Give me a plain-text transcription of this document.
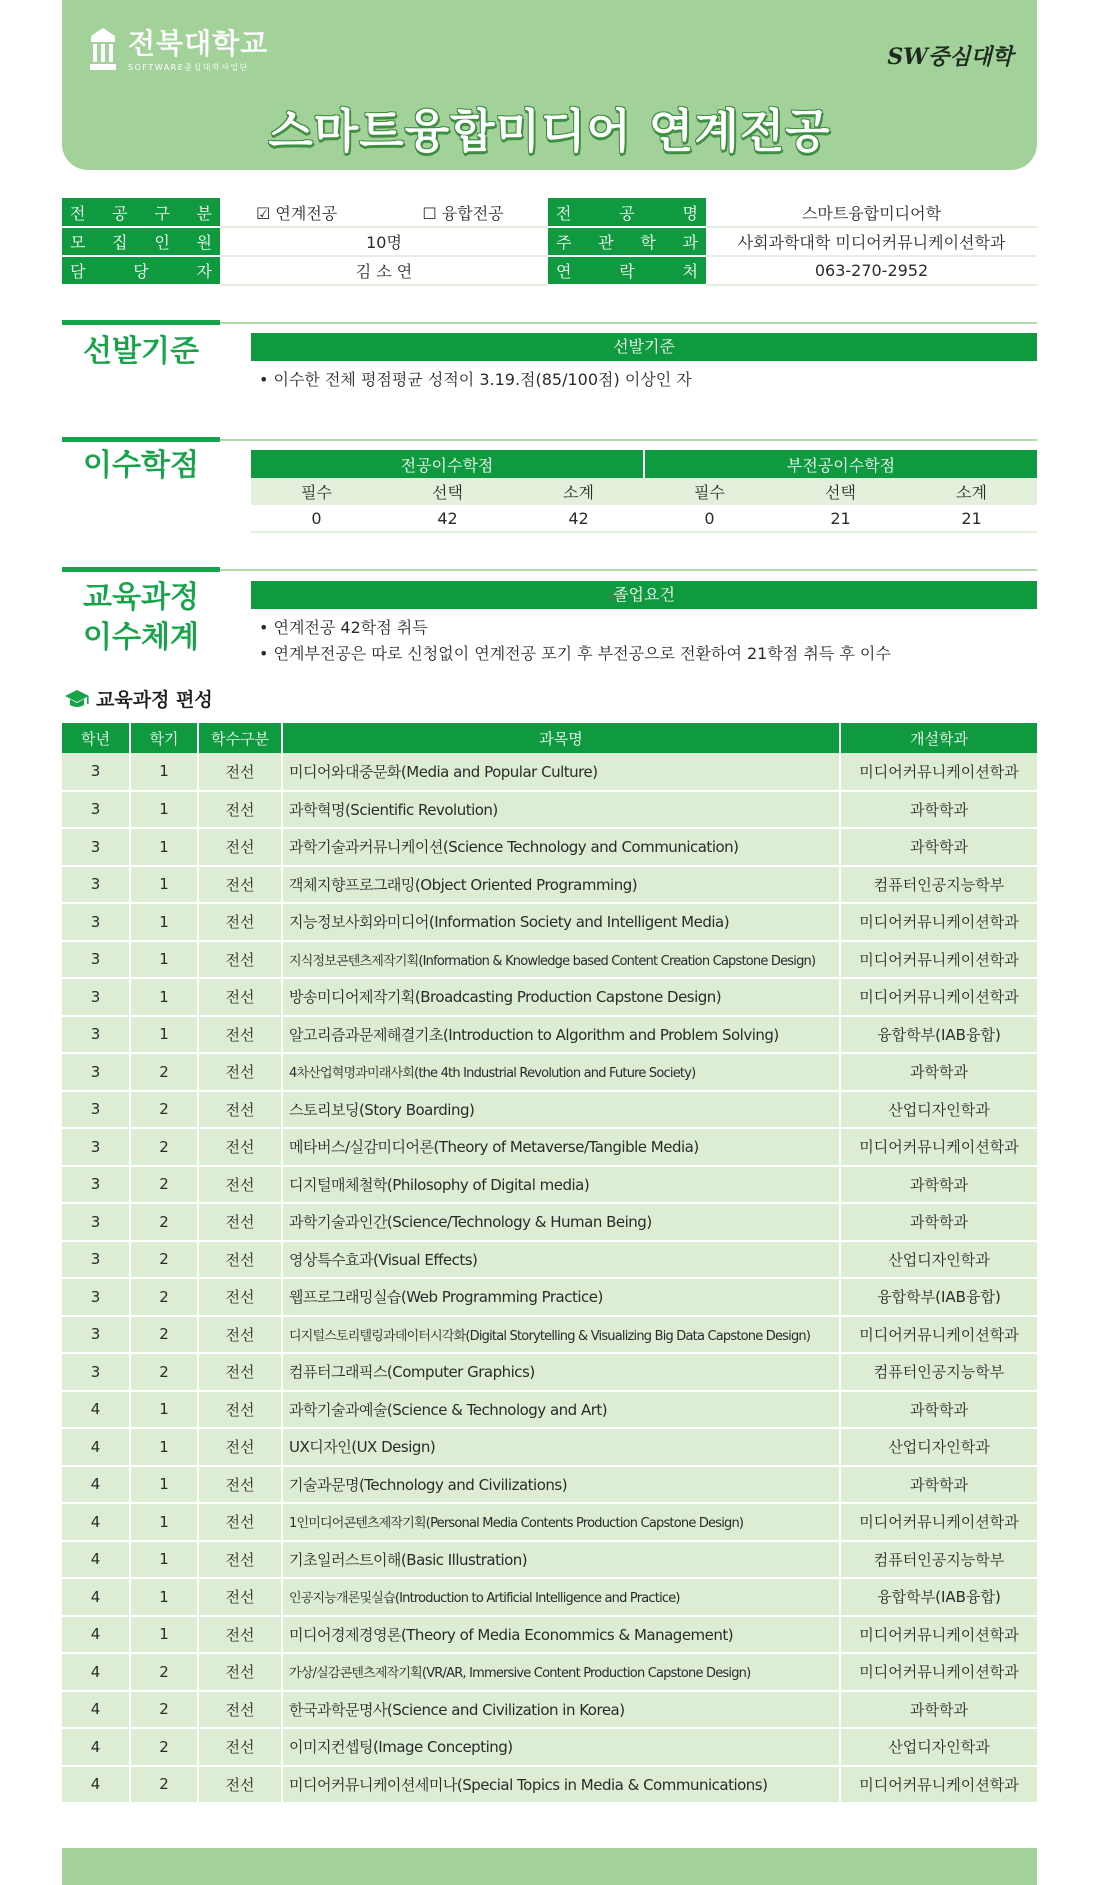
전북대학교
SOFTWARE중심대학사업단	SW중심대학
스마트융합미디어 연계전공
전 공 구 분	☑ 연계전공 ☐ 융합전공	전 공 명	스마트융합미디어학

모 집 인 원	10명	주 관 학 과	사회과학대학 미디어커뮤니케이션학과

담 당 자	김 소 연	연 락 처	063-270-2952
선발기준	선발기준
• 이수한 전체 평점평균 성적이 3.19.점(85/100점) 이상인 자
이수학점	전공이수학점			부전공이수학점		
필수	선택	소계	필수	선택	소계
0	42	42	0	21	21
교육과정
이수체계
졸업요건
• 연계전공 42학점 취득
• 연계부전공은 따로 신청없이 연계전공 포기 후 부전공으로 전환하여 21학점 취득 후 이수
교육과정 편성
학년	학기	학수구분	과목명	개설학과
3	1	전선	미디어와대중문화(Media and Popular Culture)	미디어커뮤니케이션학과
3	1	전선	과학혁명(Scientific Revolution)	과학학과
3	1	전선	과학기술과커뮤니케이션(Science Technology and Communication)	과학학과
3	1	전선	객체지향프로그래밍(Object Oriented Programming)	컴퓨터인공지능학부
3	1	전선	지능정보사회와미디어(Information Society and Intelligent Media)	미디어커뮤니케이션학과
3	1	전선	지식정보콘텐츠제작기획(Information & Knowledge based Content Creation Capstone Design)	미디어커뮤니케이션학과
3	1	전선	방송미디어제작기획(Broadcasting Production Capstone Design)	미디어커뮤니케이션학과
3	1	전선	알고리즘과문제해결기초(Introduction to Algorithm and Problem Solving)	융합학부(IAB융합)
3	2	전선	4차산업혁명과미래사회(the 4th Industrial Revolution and Future Society)	과학학과
3	2	전선	스토리보딩(Story Boarding)	산업디자인학과
3	2	전선	메타버스/실감미디어론(Theory of Metaverse/Tangible Media)	미디어커뮤니케이션학과
3	2	전선	디지털매체철학(Philosophy of Digital media)	과학학과
3	2	전선	과학기술과인간(Science/Technology & Human Being)	과학학과
3	2	전선	영상특수효과(Visual Effects)	산업디자인학과
3	2	전선	웹프로그래밍실습(Web Programming Practice)	융합학부(IAB융합)
3	2	전선	디지털스토리텔링과데이터시각화(Digital Storytelling & Visualizing Big Data Capstone Design)	미디어커뮤니케이션학과
3	2	전선	컴퓨터그래픽스(Computer Graphics)	컴퓨터인공지능학부
4	1	전선	과학기술과예술(Science & Technology and Art)	과학학과
4	1	전선	UX디자인(UX Design)	산업디자인학과
4	1	전선	기술과문명(Technology and Civilizations)	과학학과
4	1	전선	1인미디어콘텐츠제작기획(Personal Media Contents Production Capstone Design)	미디어커뮤니케이션학과
4	1	전선	기초일러스트이해(Basic Illustration)	컴퓨터인공지능학부
4	1	전선	인공지능개론및실습(Introduction to Artificial Intelligence and Practice)	융합학부(IAB융합)
4	1	전선	미디어경제경영론(Theory of Media Econommics & Management)	미디어커뮤니케이션학과
4	2	전선	가상/실감콘텐츠제작기획(VR/AR, Immersive Content Production Capstone Design)	미디어커뮤니케이션학과
4	2	전선	한국과학문명사(Science and Civilization in Korea)	과학학과
4	2	전선	이미지컨셉팅(Image Concepting)	산업디자인학과
4	2	전선	미디어커뮤니케이션세미나(Special Topics in Media & Communications)	미디어커뮤니케이션학과
